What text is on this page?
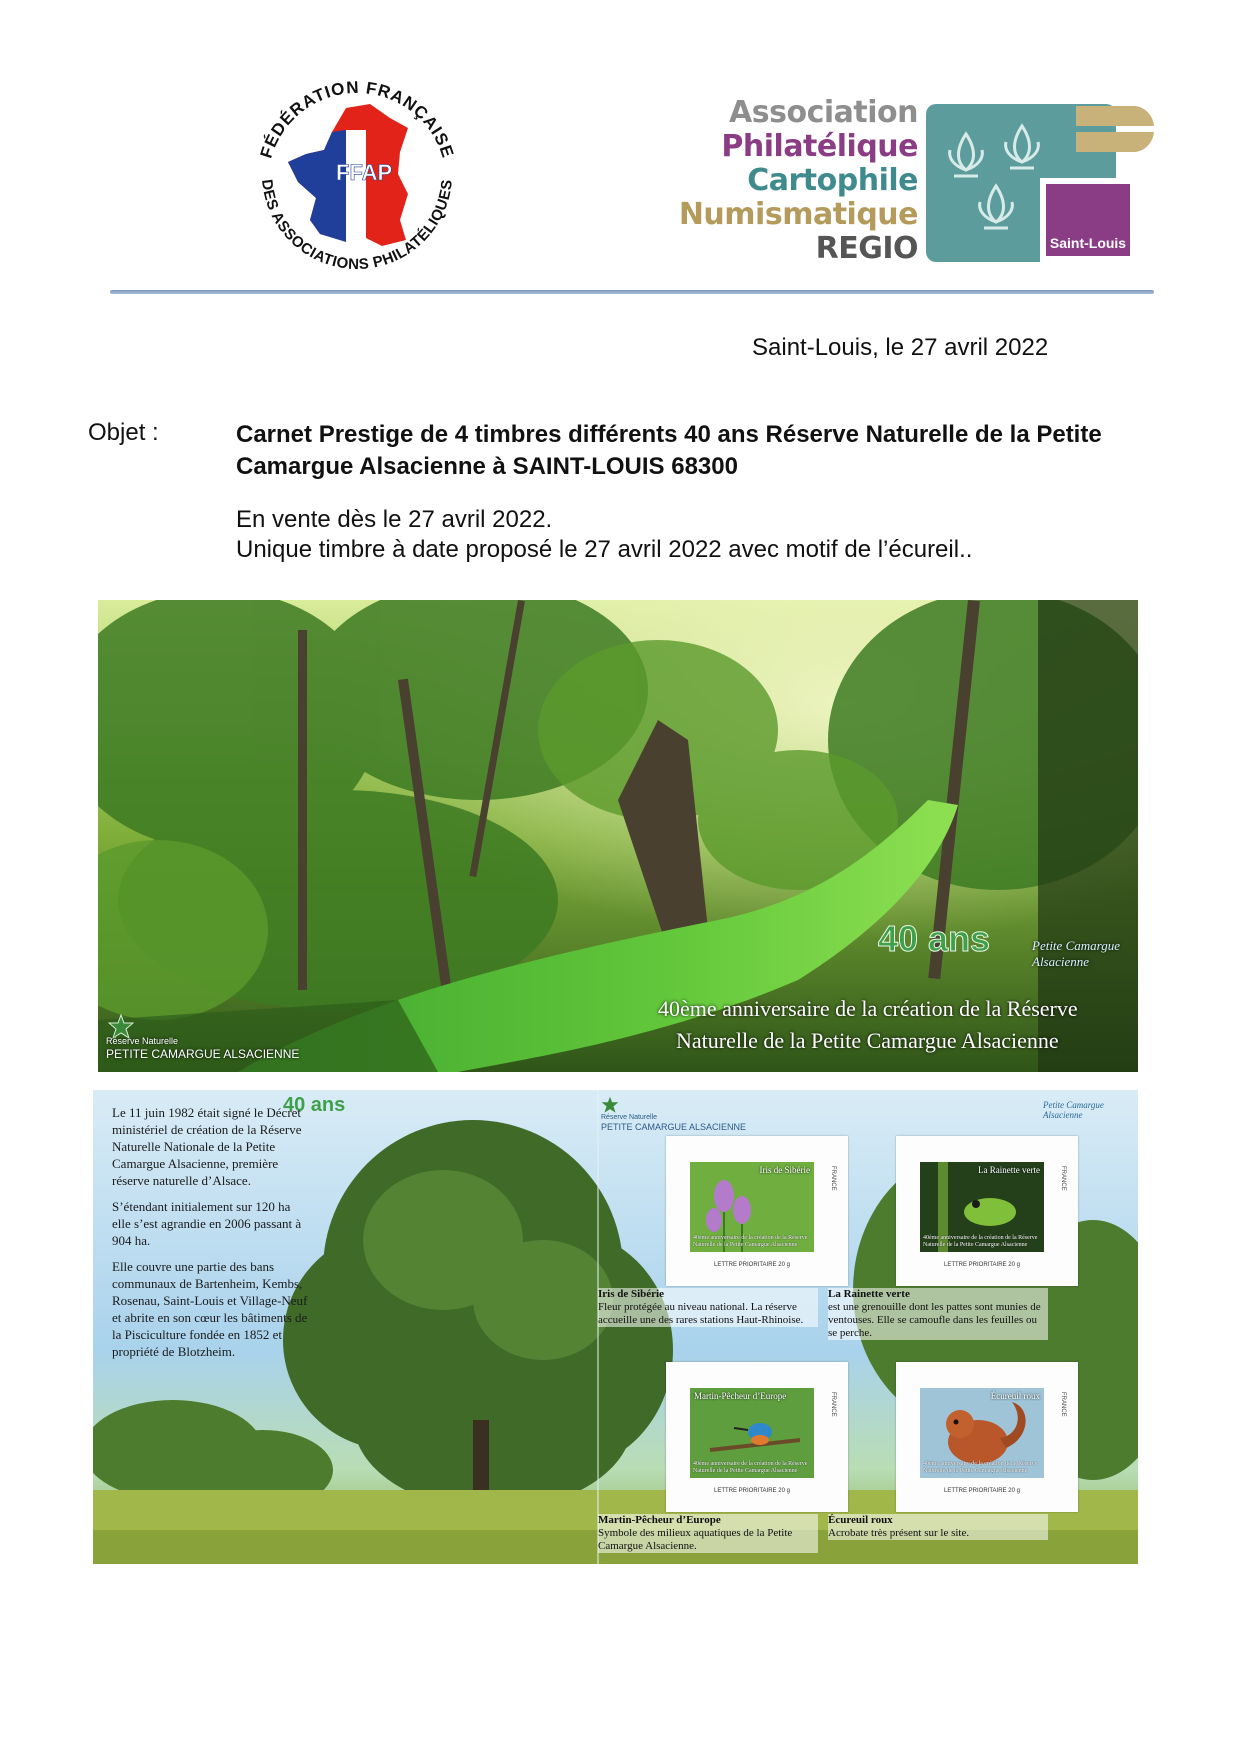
FÉDÉRATION FRANÇAISE
DES ASSOCIATIONS PHILATÉLIQUES
FFAP
Association
Philatélique
Cartophile
Numismatique
REGIO	Saint-Louis
Saint-Louis, le 27 avril 2022
Objet :	Carnet Prestige de 4 timbres différents 40 ans Réserve Naturelle de la Petite Camargue Alsacienne à SAINT-LOUIS 68300
En vente dès le 27 avril 2022.
Unique timbre à date proposé le 27 avril 2022 avec motif de l’écureil..
Réserve Naturelle
PETITE CAMARGUE ALSACIENNE
40 ans	Petite Camargue Alsacienne
40ème anniversaire de la création de la Réserve
Naturelle de la Petite Camargue Alsacienne
40 ans
Réserve Naturelle
PETITE CAMARGUE ALSACIENNE
Petite Camargue Alsacienne
Iris de Sibérie
40ème anniversaire de la création de la Réserve Naturelle de la Petite Camargue Alsacienne
FRANCE
LETTRE PRIORITAIRE 20 g
Iris de Sibérie
Fleur protégée au niveau national. La réserve accueille une des rares stations Haut-Rhinoise.
La Rainette verte
40ème anniversaire de la création de la Réserve Naturelle de la Petite Camargue Alsacienne
FRANCE
LETTRE PRIORITAIRE 20 g
La Rainette verte
est une grenouille dont les pattes sont munies de ventouses. Elle se camoufle dans les feuilles ou se perche.
Martin-Pêcheur d’Europe
40ème anniversaire de la création de la Réserve Naturelle de la Petite Camargue Alsacienne
FRANCE
LETTRE PRIORITAIRE 20 g
Martin-Pêcheur d’Europe
Symbole des milieux aquatiques de la Petite Camargue Alsacienne.
Écureuil roux
40ème anniversaire de la création de la Réserve Naturelle de la Petite Camargue Alsacienne
FRANCE
LETTRE PRIORITAIRE 20 g
Écureuil roux
Acrobate très présent sur le site.

Le 11 juin 1982 était signé le Décret ministériel de création de la Réserve Naturelle Nationale de la Petite Camargue Alsacienne, première réserve naturelle d’Alsace.

S’étendant initialement sur 120 ha elle s’est agrandie en 2006 passant à 904 ha.

Elle couvre une partie des bans communaux de Bartenheim, Kembs, Rosenau, Saint-Louis et Village-Neuf et abrite en son cœur les bâtiments de la Pisciculture fondée en 1852 et propriété de Blotzheim.
